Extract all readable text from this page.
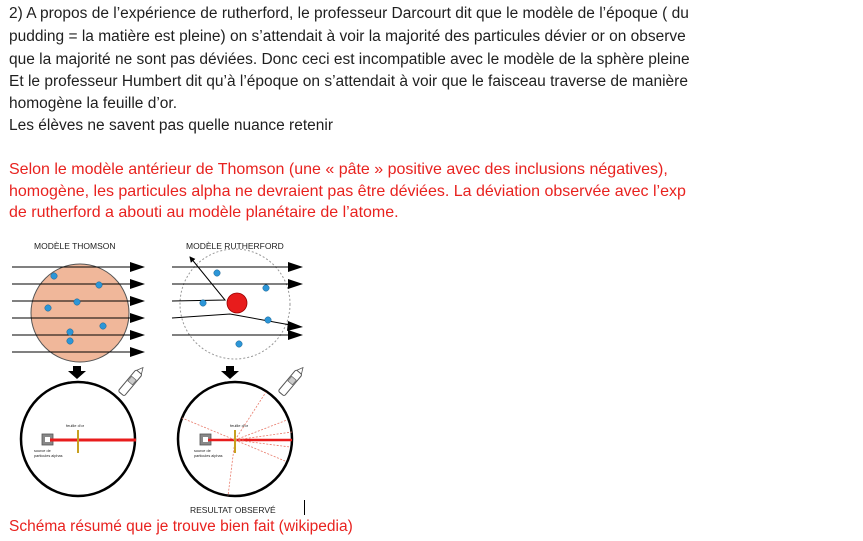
2) A propos de l’expérience de rutherford, le professeur Darcourt dit que le modèle de l’époque ( du

pudding = la matière est pleine) on s’attendait à voir la majorité des particules dévier or on observe

que la majorité ne sont pas déviées. Donc ceci est incompatible avec le modèle de la sphère pleine

Et le professeur Humbert dit qu’à l’époque on s’attendait à voir que le faisceau traverse de manière

homogène la feuille d’or.

Les élèves ne savent pas quelle nuance retenir

Selon le modèle antérieur de Thomson (une « pâte » positive avec des inclusions négatives),

homogène, les particules alpha ne devraient pas être déviées. La déviation observée avec l’exp

de rutherford a abouti au modèle planétaire de l’atome.

MODÈLE THOMSON	MODÈLE RUTHERFORD
feuille d'or
source de
particules alphas
feuille d'or
source de
particules alphas
RESULTAT OBSERVÉ

Schéma résumé que je trouve bien fait (wikipedia)
